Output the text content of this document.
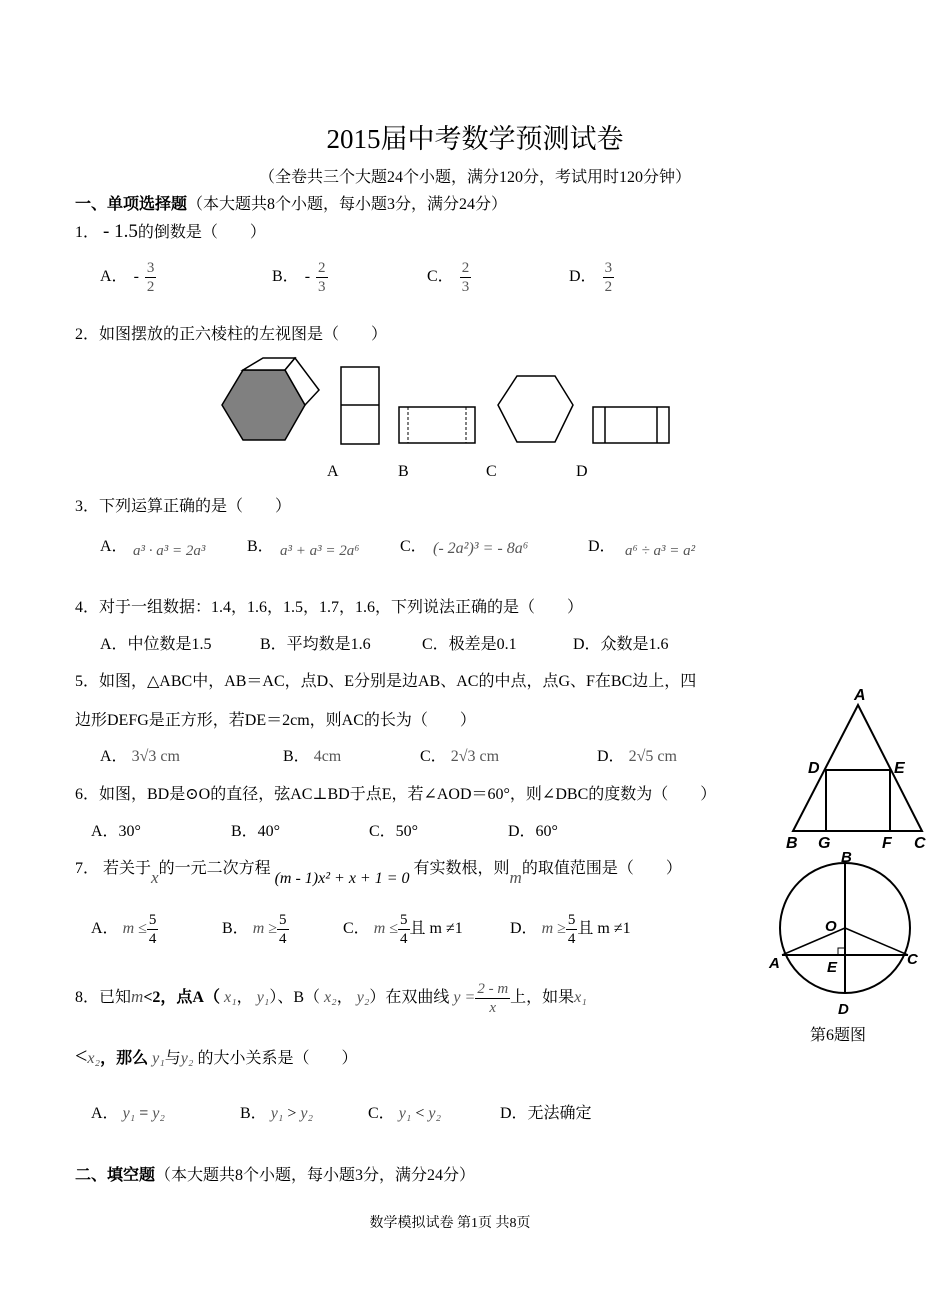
2015届中考数学预测试卷
（全卷共三个大题24个小题，满分120分，考试用时120分钟）
一、单项选择题（本大题共8个小题，每小题3分，满分24分）
1． - 1.5的倒数是（　　）
A． - $\frac{3}{2}$	B． - $\frac{2}{3}$	C． $\frac{2}{3}$	D． $\frac{3}{2}$
2．如图摆放的正六棱柱的左视图是（　　）
A	B	C	D
3．下列运算正确的是（　　）
A． a³ · a³ = 2a³	B． a³ + a³ = 2a⁶	C． (- 2a²)³ = - 8a⁶	D． a⁶ ÷ a³ = a²
4．对于一组数据：1.4，1.6，1.5，1.7，1.6，下列说法正确的是（　　）
A．中位数是1.5	B．平均数是1.6	C．极差是0.1	D．众数是1.6
5．如图，△ABC中，AB＝AC，点D、E分别是边AB、AC的中点，点G、F在BC边上，四
边形DEFG是正方形，若DE＝2cm，则AC的长为（　　）
A． 3√3 cm	B． 4cm	C． 2√3 cm	D． 2√5 cm
A
D	E
B G	F C
6．如图，BD是⊙O的直径，弦AC⊥BD于点E，若∠AOD＝60°，则∠DBC的度数为（　　）
A．30°	B．40°	C．50°	D．60°
B
O
A	C
E
D
第6题图
7． 若关于x的一元二次方程 (m - 1)x² + x + 1 = 0 有实数根，则m的取值范围是（　　）
A． $m \le \frac{5}{4}$	B． $m \ge \frac{5}{4}$	C． $m \le \frac{5}{4}$ 且 m ≠1	D． $m \ge \frac{5}{4}$ 且 m ≠1
8．已知m<2，点A（ x₁， y₁）、B（ x₂， y₂）在双曲线 $y = \frac{2 - m}{x}$ 上，如果x₁
<x₂，那么 y₁与y₂ 的大小关系是（　　）
A． y₁ = y₂	B． y₁ > y₂	C． y₁ < y₂	D．无法确定
二、填空题（本大题共8个小题，每小题3分，满分24分）
数学模拟试卷 第1页 共8页
